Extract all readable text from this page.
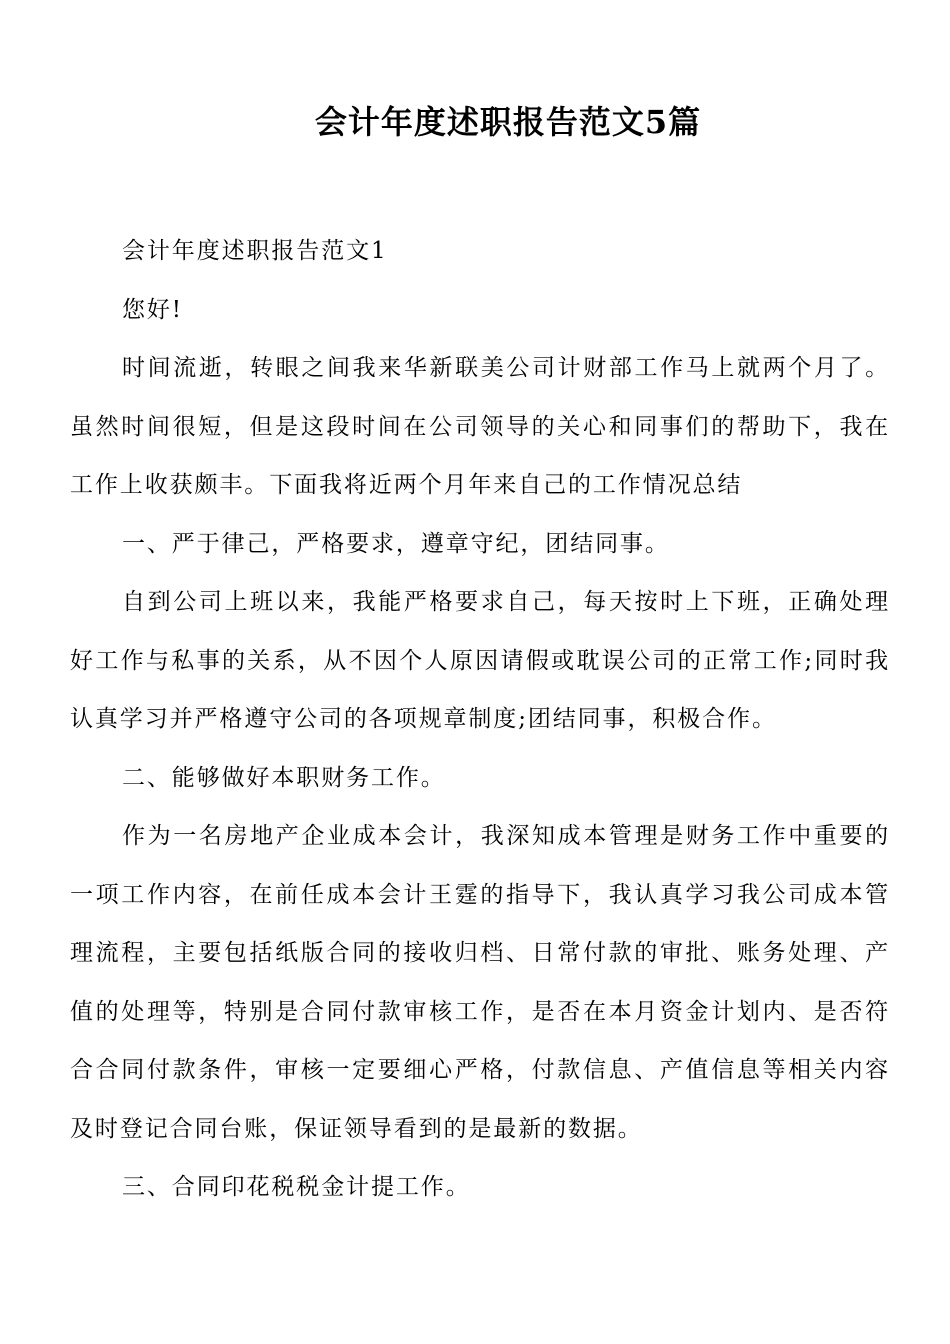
会计年度述职报告范文5篇

会计年度述职报告范文1

您好!

时间流逝，转眼之间我来华新联美公司计财部工作马上就两个月了。虽然时间很短，但是这段时间在公司领导的关心和同事们的帮助下，我在工作上收获颇丰。下面我将近两个月年来自己的工作情况总结

一、严于律己，严格要求，遵章守纪，团结同事。

自到公司上班以来，我能严格要求自己，每天按时上下班，正确处理好工作与私事的关系，从不因个人原因请假或耽误公司的正常工作;同时我认真学习并严格遵守公司的各项规章制度;团结同事，积极合作。

二、能够做好本职财务工作。

作为一名房地产企业成本会计，我深知成本管理是财务工作中重要的一项工作内容，在前任成本会计王霆的指导下，我认真学习我公司成本管理流程，主要包括纸版合同的接收归档、日常付款的审批、账务处理、产值的处理等，特别是合同付款审核工作，是否在本月资金计划内、是否符合合同付款条件，审核一定要细心严格，付款信息、产值信息等相关内容及时登记合同台账，保证领导看到的是最新的数据。

三、合同印花税税金计提工作。
